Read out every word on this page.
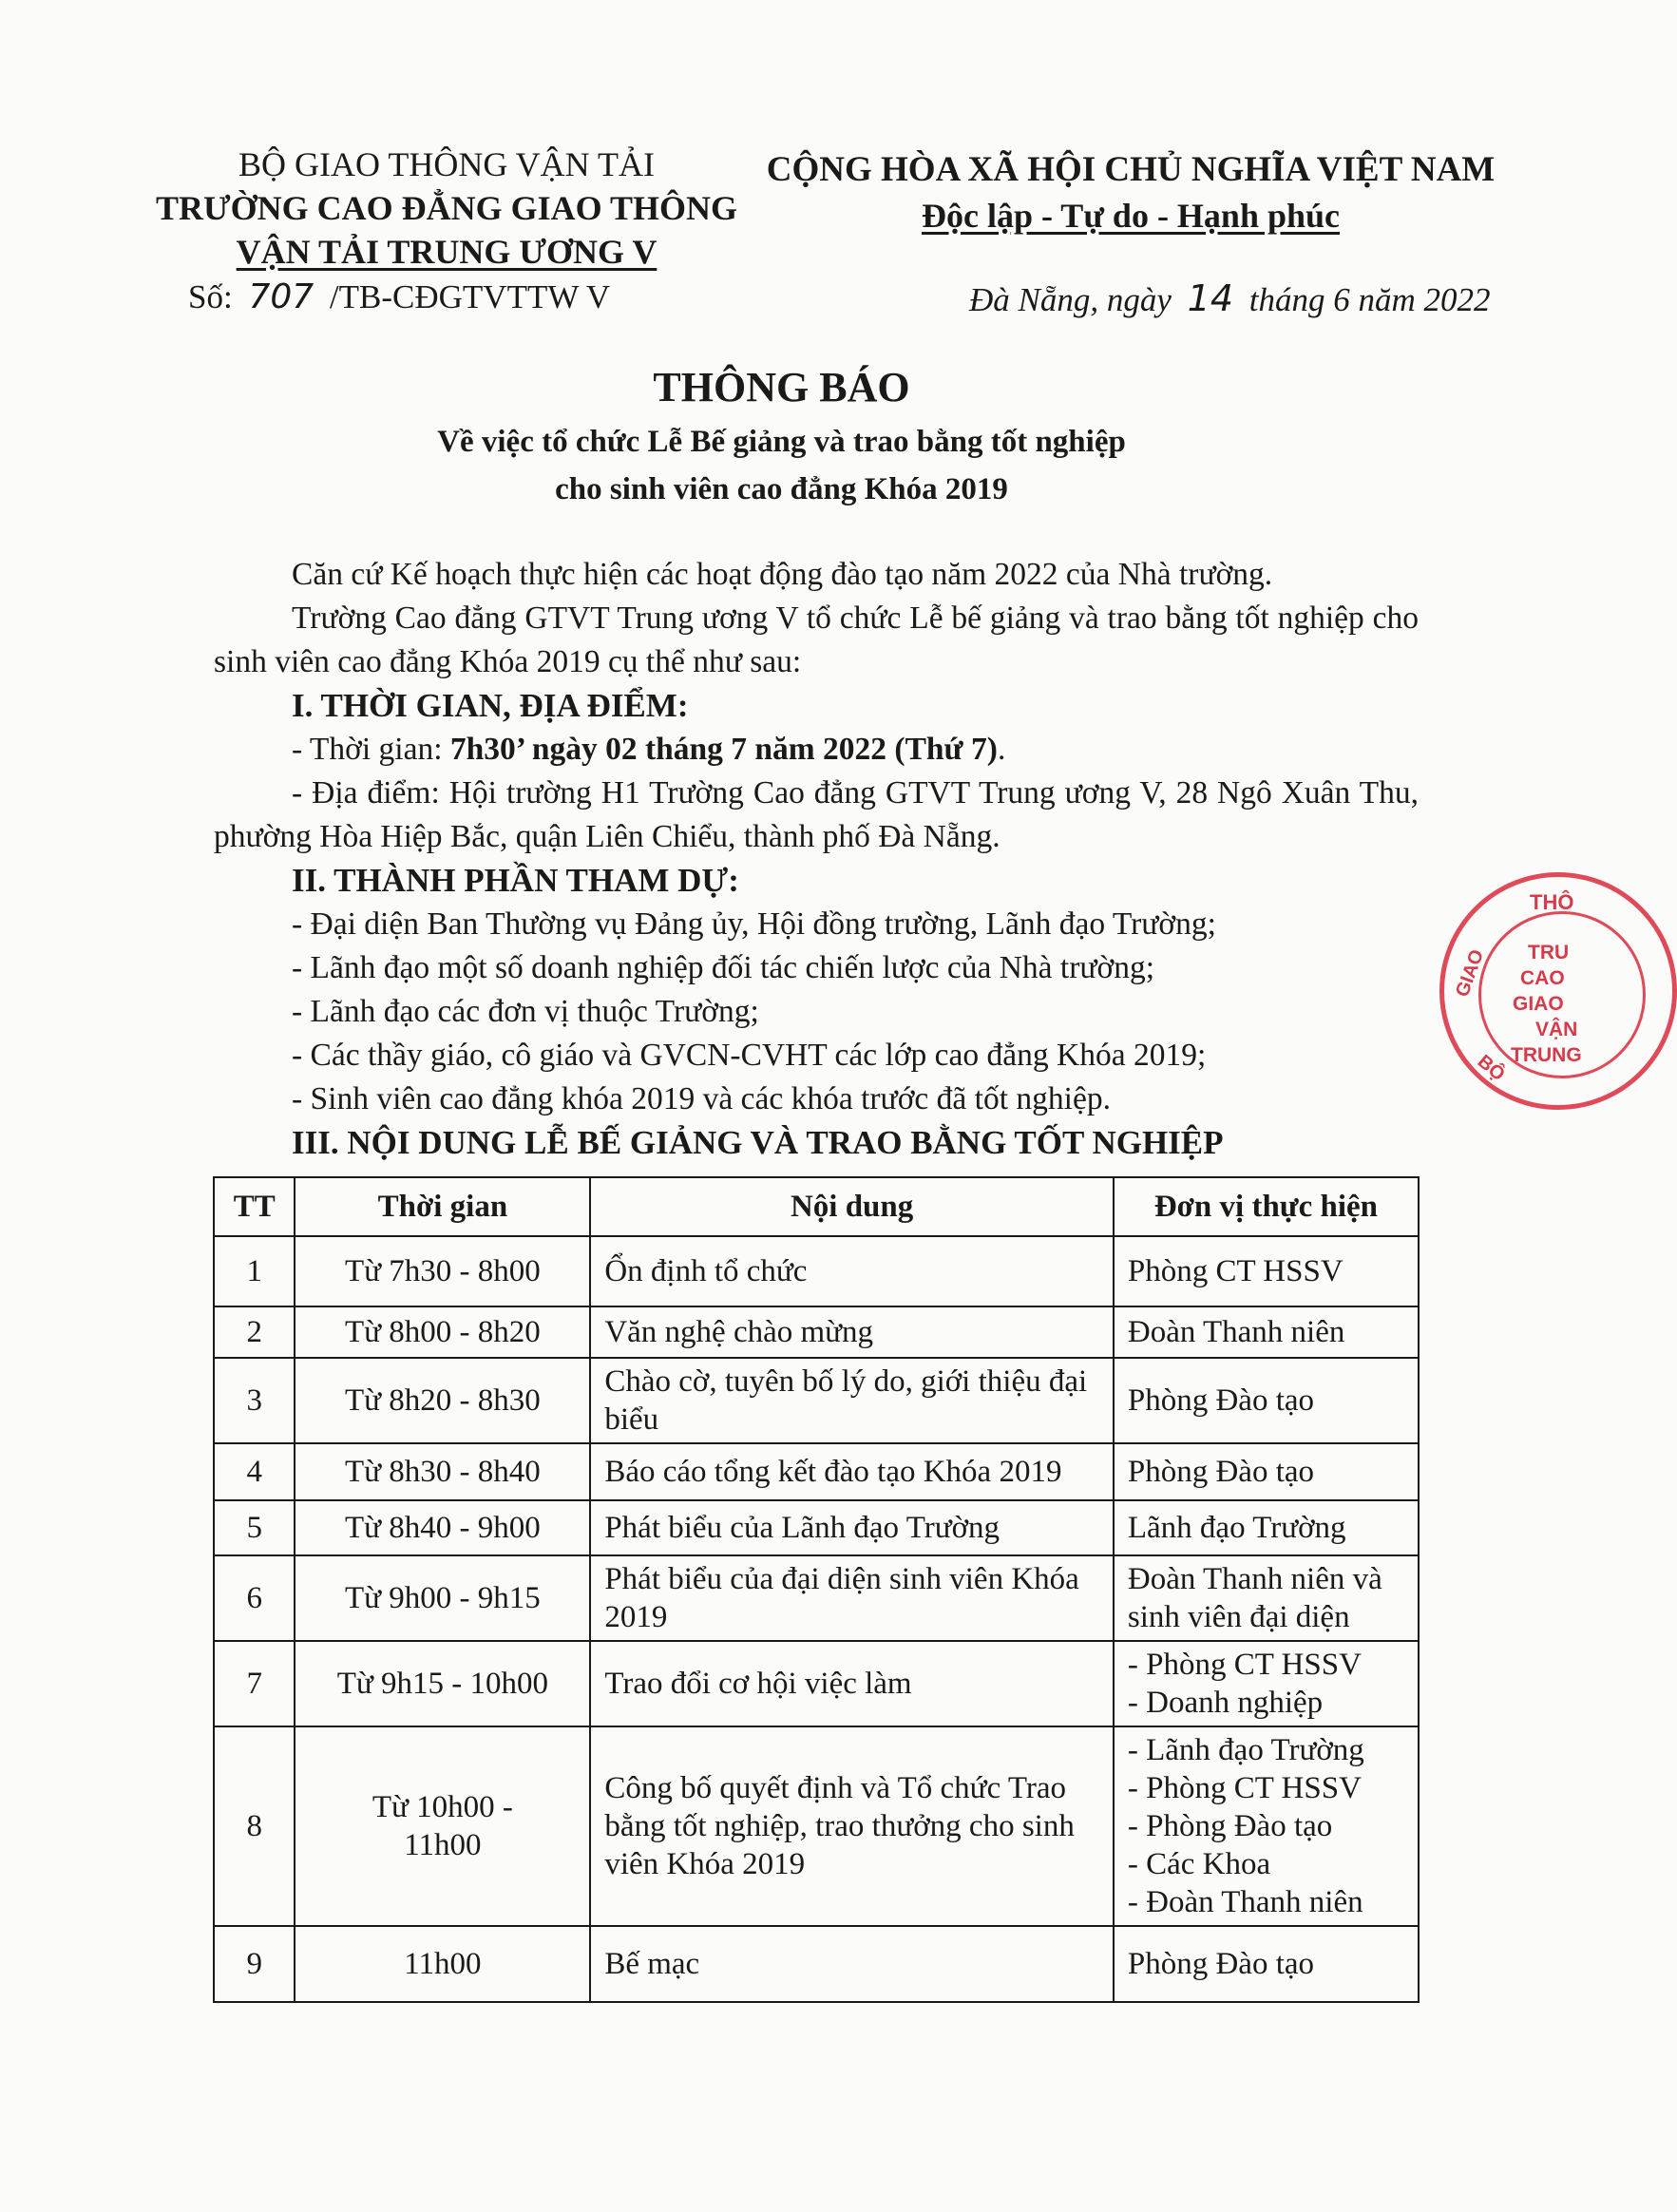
BỘ GIAO THÔNG VẬN TẢI
TRƯỜNG CAO ĐẲNG GIAO THÔNG
VẬN TẢI TRUNG ƯƠNG V
CỘNG HÒA XÃ HỘI CHỦ NGHĨA VIỆT NAM
Độc lập - Tự do - Hạnh phúc
Số: 707 /TB-CĐGTVTTW V	Đà Nẵng, ngày 14 tháng 6 năm 2022
THÔNG BÁO
Về việc tổ chức Lễ Bế giảng và trao bằng tốt nghiệp
cho sinh viên cao đẳng Khóa 2019
Căn cứ Kế hoạch thực hiện các hoạt động đào tạo năm 2022 của Nhà trường.
Trường Cao đẳng GTVT Trung ương V tổ chức Lễ bế giảng và trao bằng tốt nghiệp cho sinh viên cao đẳng Khóa 2019 cụ thể như sau:
I. THỜI GIAN, ĐỊA ĐIỂM:
- Thời gian: 7h30’ ngày 02 tháng 7 năm 2022 (Thứ 7).
- Địa điểm: Hội trường H1 Trường Cao đẳng GTVT Trung ương V, 28 Ngô Xuân Thu, phường Hòa Hiệp Bắc, quận Liên Chiểu, thành phố Đà Nẵng.
II. THÀNH PHẦN THAM DỰ:
- Đại diện Ban Thường vụ Đảng ủy, Hội đồng trường, Lãnh đạo Trường;
- Lãnh đạo một số doanh nghiệp đối tác chiến lược của Nhà trường;
- Lãnh đạo các đơn vị thuộc Trường;
- Các thầy giáo, cô giáo và GVCN-CVHT các lớp cao đẳng Khóa 2019;
- Sinh viên cao đẳng khóa 2019 và các khóa trước đã tốt nghiệp.
III. NỘI DUNG LỄ BẾ GIẢNG VÀ TRAO BẰNG TỐT NGHIỆP
TT	Thời gian	Nội dung	Đơn vị thực hiện
1	Từ 7h30 - 8h00	Ổn định tổ chức	Phòng CT HSSV
2	Từ 8h00 - 8h20	Văn nghệ chào mừng	Đoàn Thanh niên
3	Từ 8h20 - 8h30	Chào cờ, tuyên bố lý do, giới thiệu đại biểu	Phòng Đào tạo
4	Từ 8h30 - 8h40	Báo cáo tổng kết đào tạo Khóa 2019	Phòng Đào tạo
5	Từ 8h40 - 9h00	Phát biểu của Lãnh đạo Trường	Lãnh đạo Trường
6	Từ 9h00 - 9h15	Phát biểu của đại diện sinh viên Khóa 2019	Đoàn Thanh niên và sinh viên đại diện
7	Từ 9h15 - 10h00	Trao đổi cơ hội việc làm	- Phòng CT HSSV
- Doanh nghiệp
8	Từ 10h00 -
11h00	Công bố quyết định và Tổ chức Trao bằng tốt nghiệp, trao thưởng cho sinh viên Khóa 2019	- Lãnh đạo Trường
- Phòng CT HSSV
- Phòng Đào tạo
- Các Khoa
- Đoàn Thanh niên
9	11h00	Bế mạc	Phòng Đào tạo
THÔ
GIAO
BỘ
TRU
CAO
GIAO
VẬN
TRUNG
